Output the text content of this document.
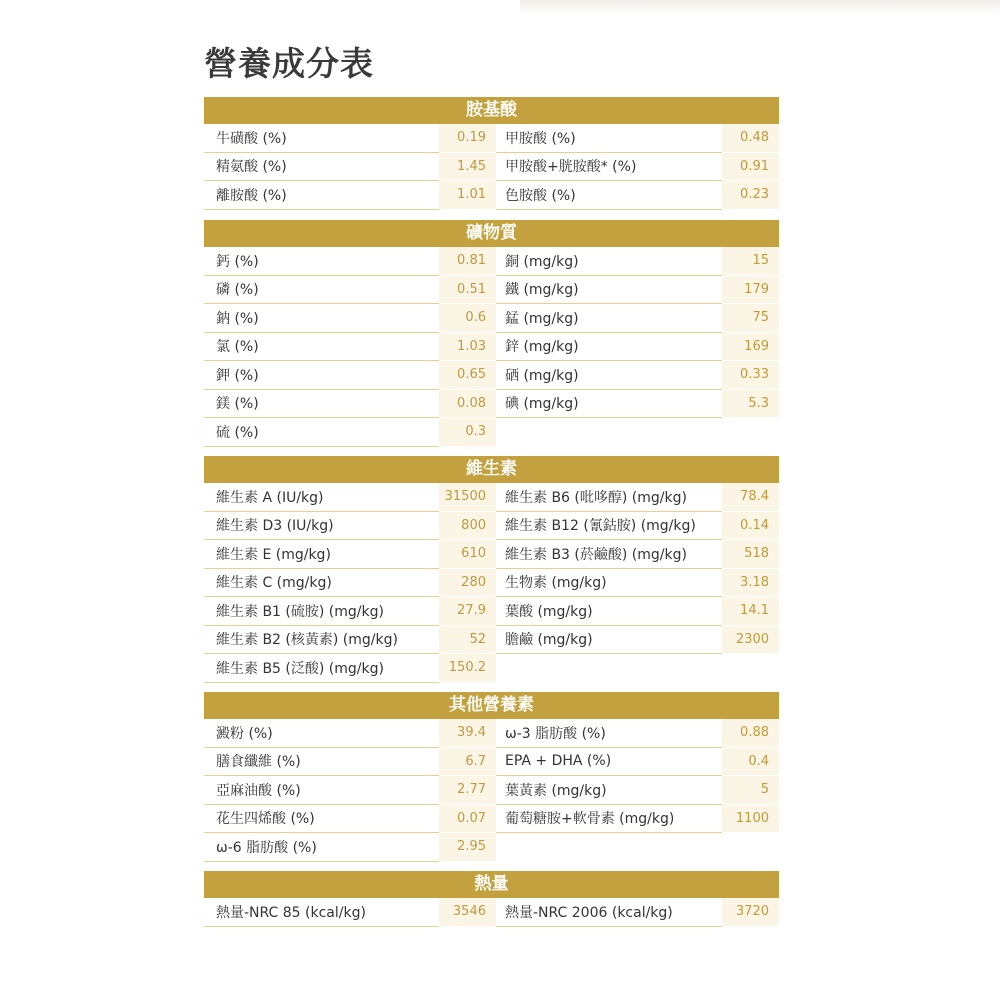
營養成分表
胺基酸
牛磺酸 (%)	0.19	甲胺酸 (%)	0.48
精氨酸 (%)	1.45	甲胺酸+胱胺酸* (%)	0.91
離胺酸 (%)	1.01	色胺酸 (%)	0.23
礦物質
鈣 (%)	0.81	銅 (mg/kg)	15
磷 (%)	0.51	鐵 (mg/kg)	179
鈉 (%)	0.6	錳 (mg/kg)	75
氯 (%)	1.03	鋅 (mg/kg)	169
鉀 (%)	0.65	硒 (mg/kg)	0.33
鎂 (%)	0.08	碘 (mg/kg)	5.3
硫 (%)	0.3
維生素
維生素 A (IU/kg)	31500	維生素 B6 (吡哆醇) (mg/kg)	78.4
維生素 D3 (IU/kg)	800	維生素 B12 (氰鈷胺) (mg/kg)	0.14
維生素 E (mg/kg)	610	維生素 B3 (菸鹼酸) (mg/kg)	518
維生素 C (mg/kg)	280	生物素 (mg/kg)	3.18
維生素 B1 (硫胺) (mg/kg)	27.9	葉酸 (mg/kg)	14.1
維生素 B2 (核黃素) (mg/kg)	52	膽鹼 (mg/kg)	2300
維生素 B5 (泛酸) (mg/kg)	150.2
其他營養素
澱粉 (%)	39.4	ω-3 脂肪酸 (%)	0.88
膳食纖維 (%)	6.7	EPA + DHA (%)	0.4
亞麻油酸 (%)	2.77	葉黃素 (mg/kg)	5
花生四烯酸 (%)	0.07	葡萄糖胺+軟骨素 (mg/kg)	1100
ω-6 脂肪酸 (%)	2.95
熱量
熱量-NRC 85 (kcal/kg)	3546	熱量-NRC 2006 (kcal/kg)	3720
